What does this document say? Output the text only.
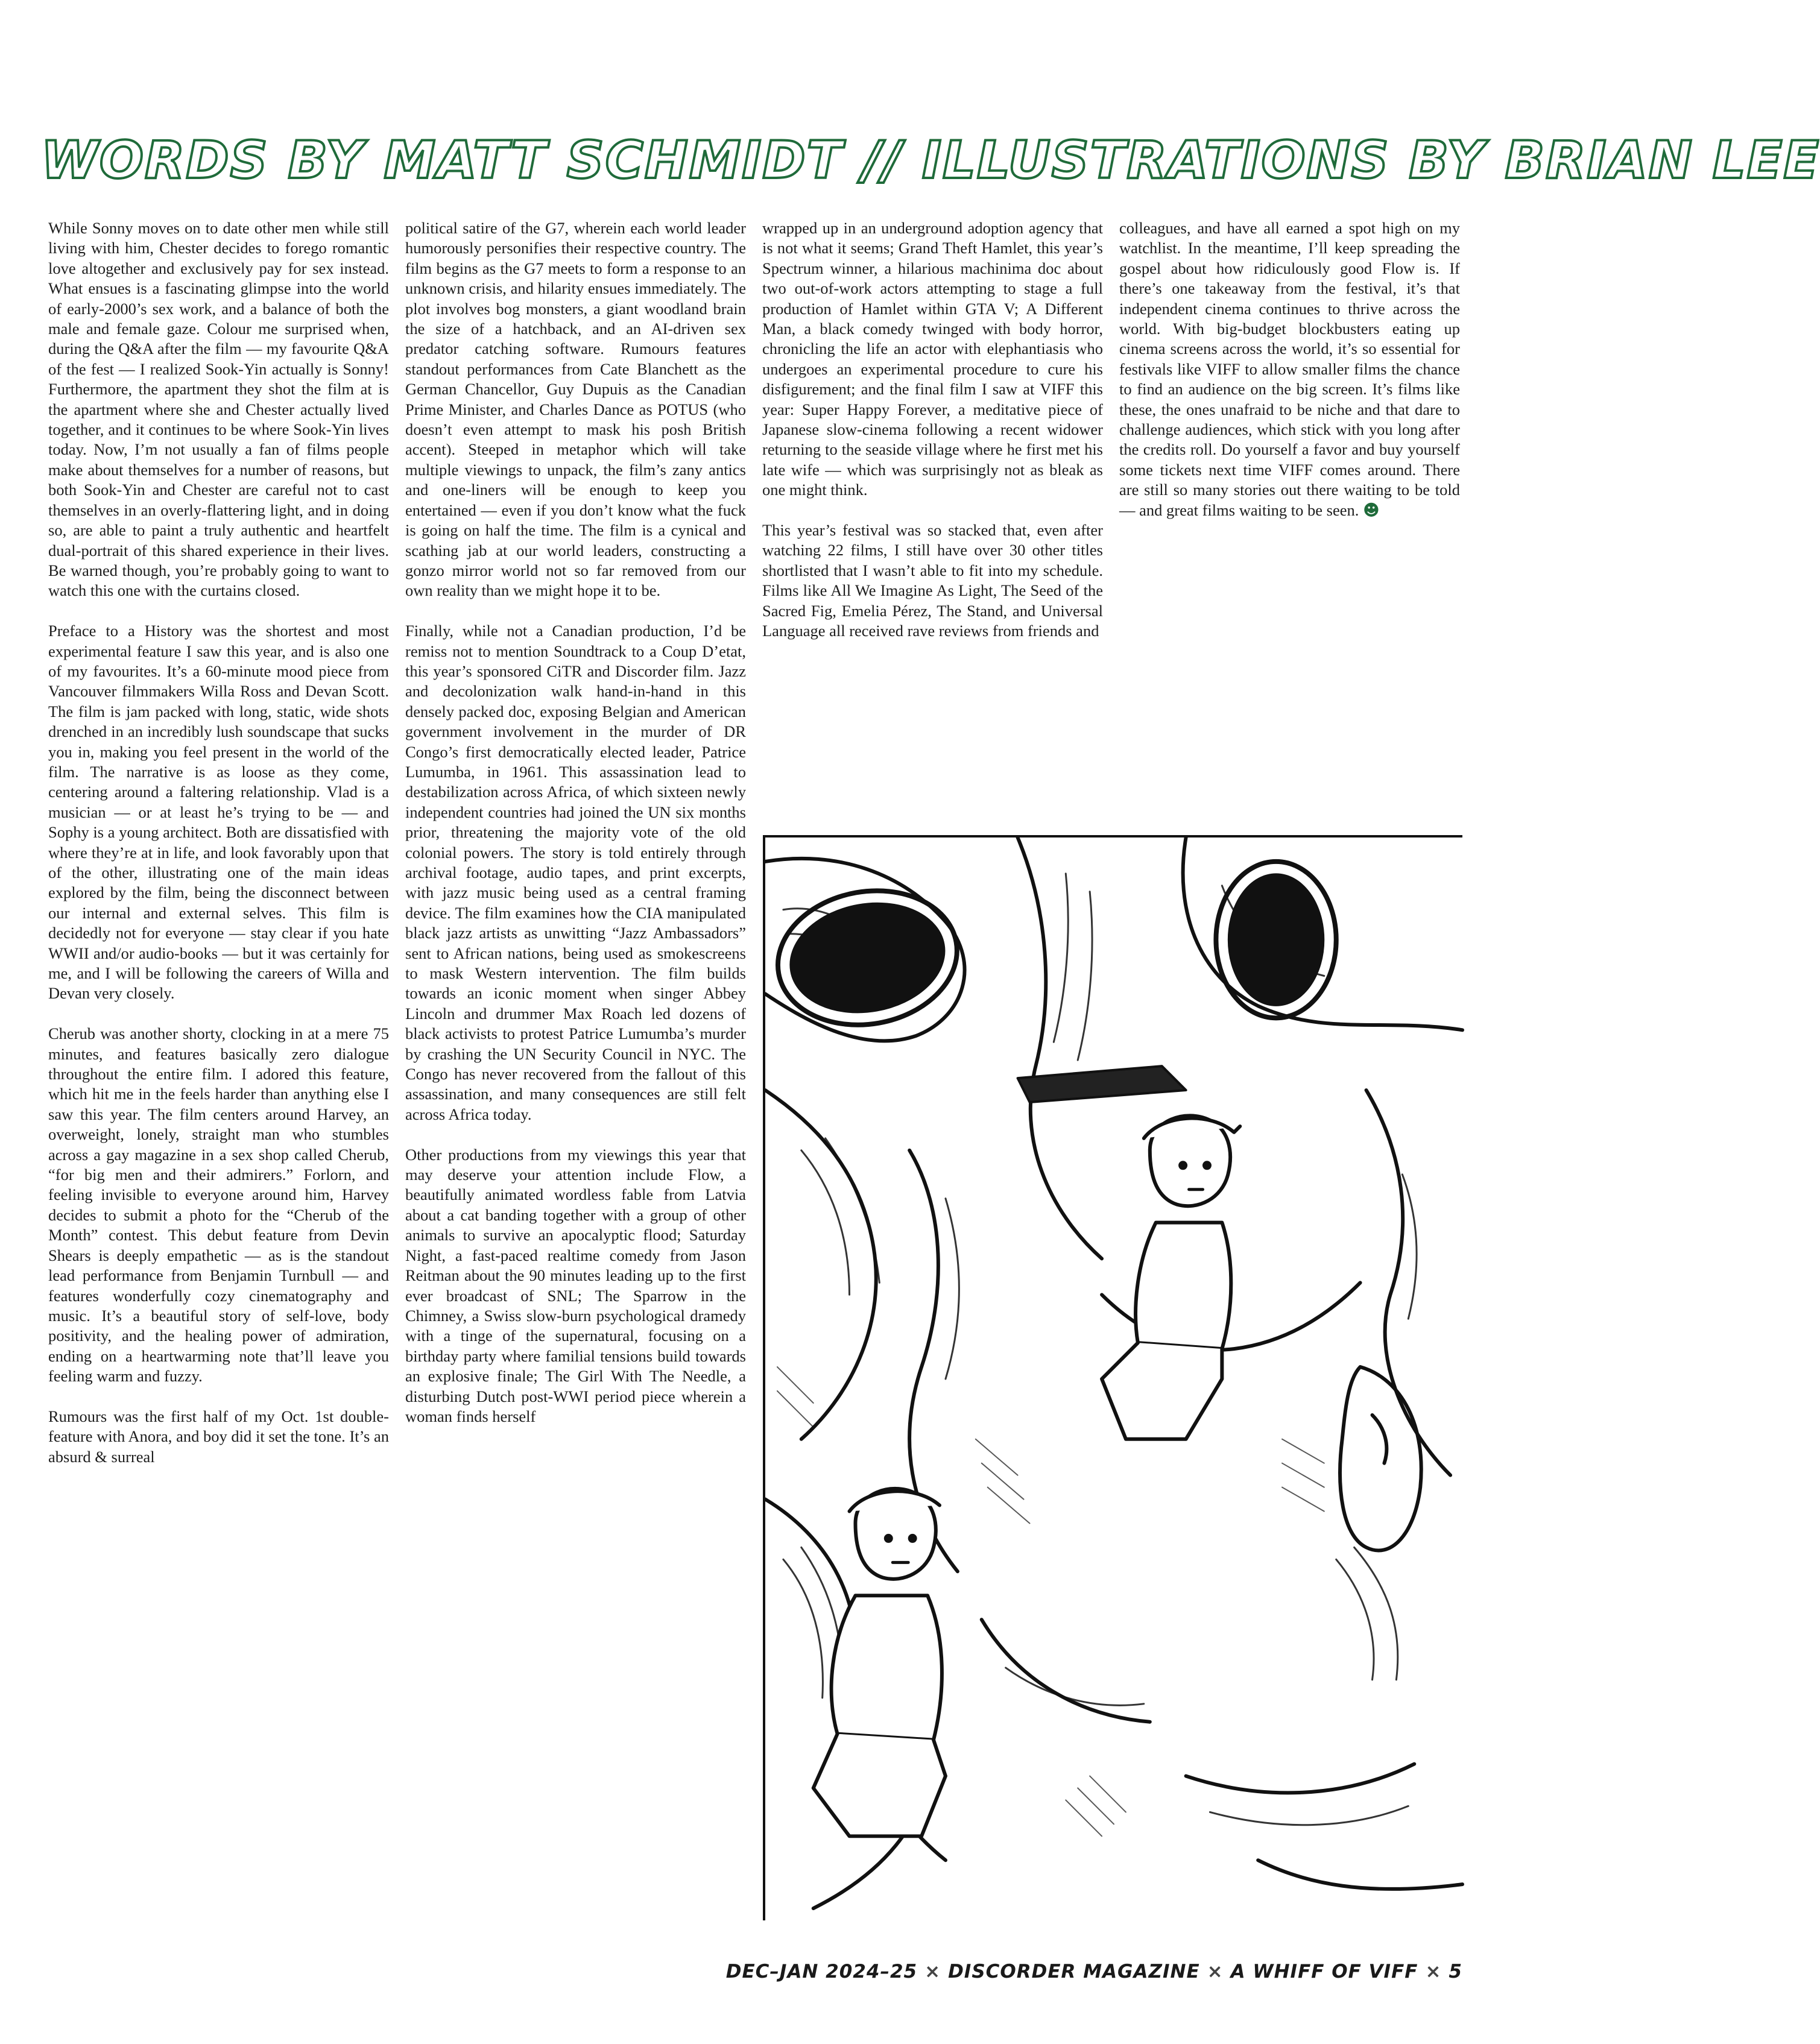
WORDS BY MATT SCHMIDT // ILLUSTRATIONS BY BRIAN LEE

While Sonny moves on to date other men while still living with him, Chester decides to forego romantic love altogether and exclusively pay for sex instead. What ensues is a fascinating glimpse into the world of early-2000’s sex work, and a balance of both the male and female gaze. Colour me surprised when, during the Q&A after the film — my favourite Q&A of the fest — I realized Sook-Yin actually is Sonny! Furthermore, the apartment they shot the film at is the apartment where she and Chester actually lived together, and it continues to be where Sook-Yin lives today. Now, I’m not usually a fan of films people make about themselves for a number of reasons, but both Sook-Yin and Chester are careful not to cast themselves in an overly-flattering light, and in doing so, are able to paint a truly authentic and heartfelt dual-portrait of this shared experience in their lives. Be warned though, you’re probably going to want to watch this one with the curtains closed.

Preface to a History was the shortest and most experimental feature I saw this year, and is also one of my favourites. It’s a 60-minute mood piece from Vancouver filmmakers Willa Ross and Devan Scott. The film is jam packed with long, static, wide shots drenched in an incredibly lush soundscape that sucks you in, making you feel present in the world of the film. The narrative is as loose as they come, centering around a faltering relationship. Vlad is a musician — or at least he’s trying to be — and Sophy is a young architect. Both are dissatisfied with where they’re at in life, and look favorably upon that of the other, illustrating one of the main ideas explored by the film, being the disconnect between our internal and external selves. This film is decidedly not for everyone — stay clear if you hate WWII and/or audio-books — but it was certainly for me, and I will be following the careers of Willa and Devan very closely.

Cherub was another shorty, clocking in at a mere 75 minutes, and features basically zero dialogue throughout the entire film. I adored this feature, which hit me in the feels harder than anything else I saw this year. The film centers around Harvey, an overweight, lonely, straight man who stumbles across a gay magazine in a sex shop called Cherub, “for big men and their admirers.” Forlorn, and feeling invisible to everyone around him, Harvey decides to submit a photo for the “Cherub of the Month” contest. This debut feature from Devin Shears is deeply empathetic — as is the standout lead performance from Benjamin Turnbull — and features wonderfully cozy cinematography and music. It’s a beautiful story of self-love, body positivity, and the healing power of admiration, ending on a heartwarming note that’ll leave you feeling warm and fuzzy.

Rumours was the first half of my Oct. 1st double-feature with Anora, and boy did it set the tone. It’s an absurd & surreal

political satire of the G7, wherein each world leader humorously personifies their respective country. The film begins as the G7 meets to form a response to an unknown crisis, and hilarity ensues immediately. The plot involves bog monsters, a giant woodland brain the size of a hatchback, and an AI-driven sex predator catching software. Rumours features standout performances from Cate Blanchett as the German Chancellor, Guy Dupuis as the Canadian Prime Minister, and Charles Dance as POTUS (who doesn’t even attempt to mask his posh British accent). Steeped in metaphor which will take multiple viewings to unpack, the film’s zany antics and one-liners will be enough to keep you entertained — even if you don’t know what the fuck is going on half the time. The film is a cynical and scathing jab at our world leaders, constructing a gonzo mirror world not so far removed from our own reality than we might hope it to be.

Finally, while not a Canadian production, I’d be remiss not to mention Soundtrack to a Coup D’etat, this year’s sponsored CiTR and Discorder film. Jazz and decolonization walk hand-in-hand in this densely packed doc, exposing Belgian and American government involvement in the murder of DR Congo’s first democratically elected leader, Patrice Lumumba, in 1961. This assassination lead to destabilization across Africa, of which sixteen newly independent countries had joined the UN six months prior, threatening the majority vote of the old colonial powers. The story is told entirely through archival footage, audio tapes, and print excerpts, with jazz music being used as a central framing device. The film examines how the CIA manipulated black jazz artists as unwitting “Jazz Ambassadors” sent to African nations, being used as smokescreens to mask Western intervention. The film builds towards an iconic moment when singer Abbey Lincoln and drummer Max Roach led dozens of black activists to protest Patrice Lumumba’s murder by crashing the UN Security Council in NYC. The Congo has never recovered from the fallout of this assassination, and many consequences are still felt across Africa today.

Other productions from my viewings this year that may deserve your attention include Flow, a beautifully animated wordless fable from Latvia about a cat banding together with a group of other animals to survive an apocalyptic flood; Saturday Night, a fast-paced realtime comedy from Jason Reitman about the 90 minutes leading up to the first ever broadcast of SNL; The Sparrow in the Chimney, a Swiss slow-burn psychological dramedy with a tinge of the supernatural, focusing on a birthday party where familial tensions build towards an explosive finale; The Girl With The Needle, a disturbing Dutch post-WWI period piece wherein a woman finds herself

wrapped up in an underground adoption agency that is not what it seems; Grand Theft Hamlet, this year’s Spectrum winner, a hilarious machinima doc about two out-of-work actors attempting to stage a full production of Hamlet within GTA V; A Different Man, a black comedy twinged with body horror, chronicling the life an actor with elephantiasis who undergoes an experimental procedure to cure his disfigurement; and the final film I saw at VIFF this year: Super Happy Forever, a meditative piece of Japanese slow-cinema following a recent widower returning to the seaside village where he first met his late wife — which was surprisingly not as bleak as one might think.

This year’s festival was so stacked that, even after watching 22 films, I still have over 30 other titles shortlisted that I wasn’t able to fit into my schedule. Films like All We Imagine As Light, The Seed of the Sacred Fig, Emelia Pérez, The Stand, and Universal Language all received rave reviews from friends and

colleagues, and have all earned a spot high on my watchlist. In the meantime, I’ll keep spreading the gospel about how ridiculously good Flow is. If there’s one takeaway from the festival, it’s that independent cinema continues to thrive across the world. With big-budget blockbusters eating up cinema screens across the world, it’s so essential for festivals like VIFF to allow smaller films the chance to find an audience on the big screen. It’s films like these, the ones unafraid to be niche and that dare to challenge audiences, which stick with you long after the credits roll. Do yourself a favor and buy yourself some tickets next time VIFF comes around. There are still so many stories out there waiting to be told — and great films waiting to be seen. ☻

DEC–JAN 2024–25 × DISCORDER MAGAZINE × A WHIFF OF VIFF × 5
